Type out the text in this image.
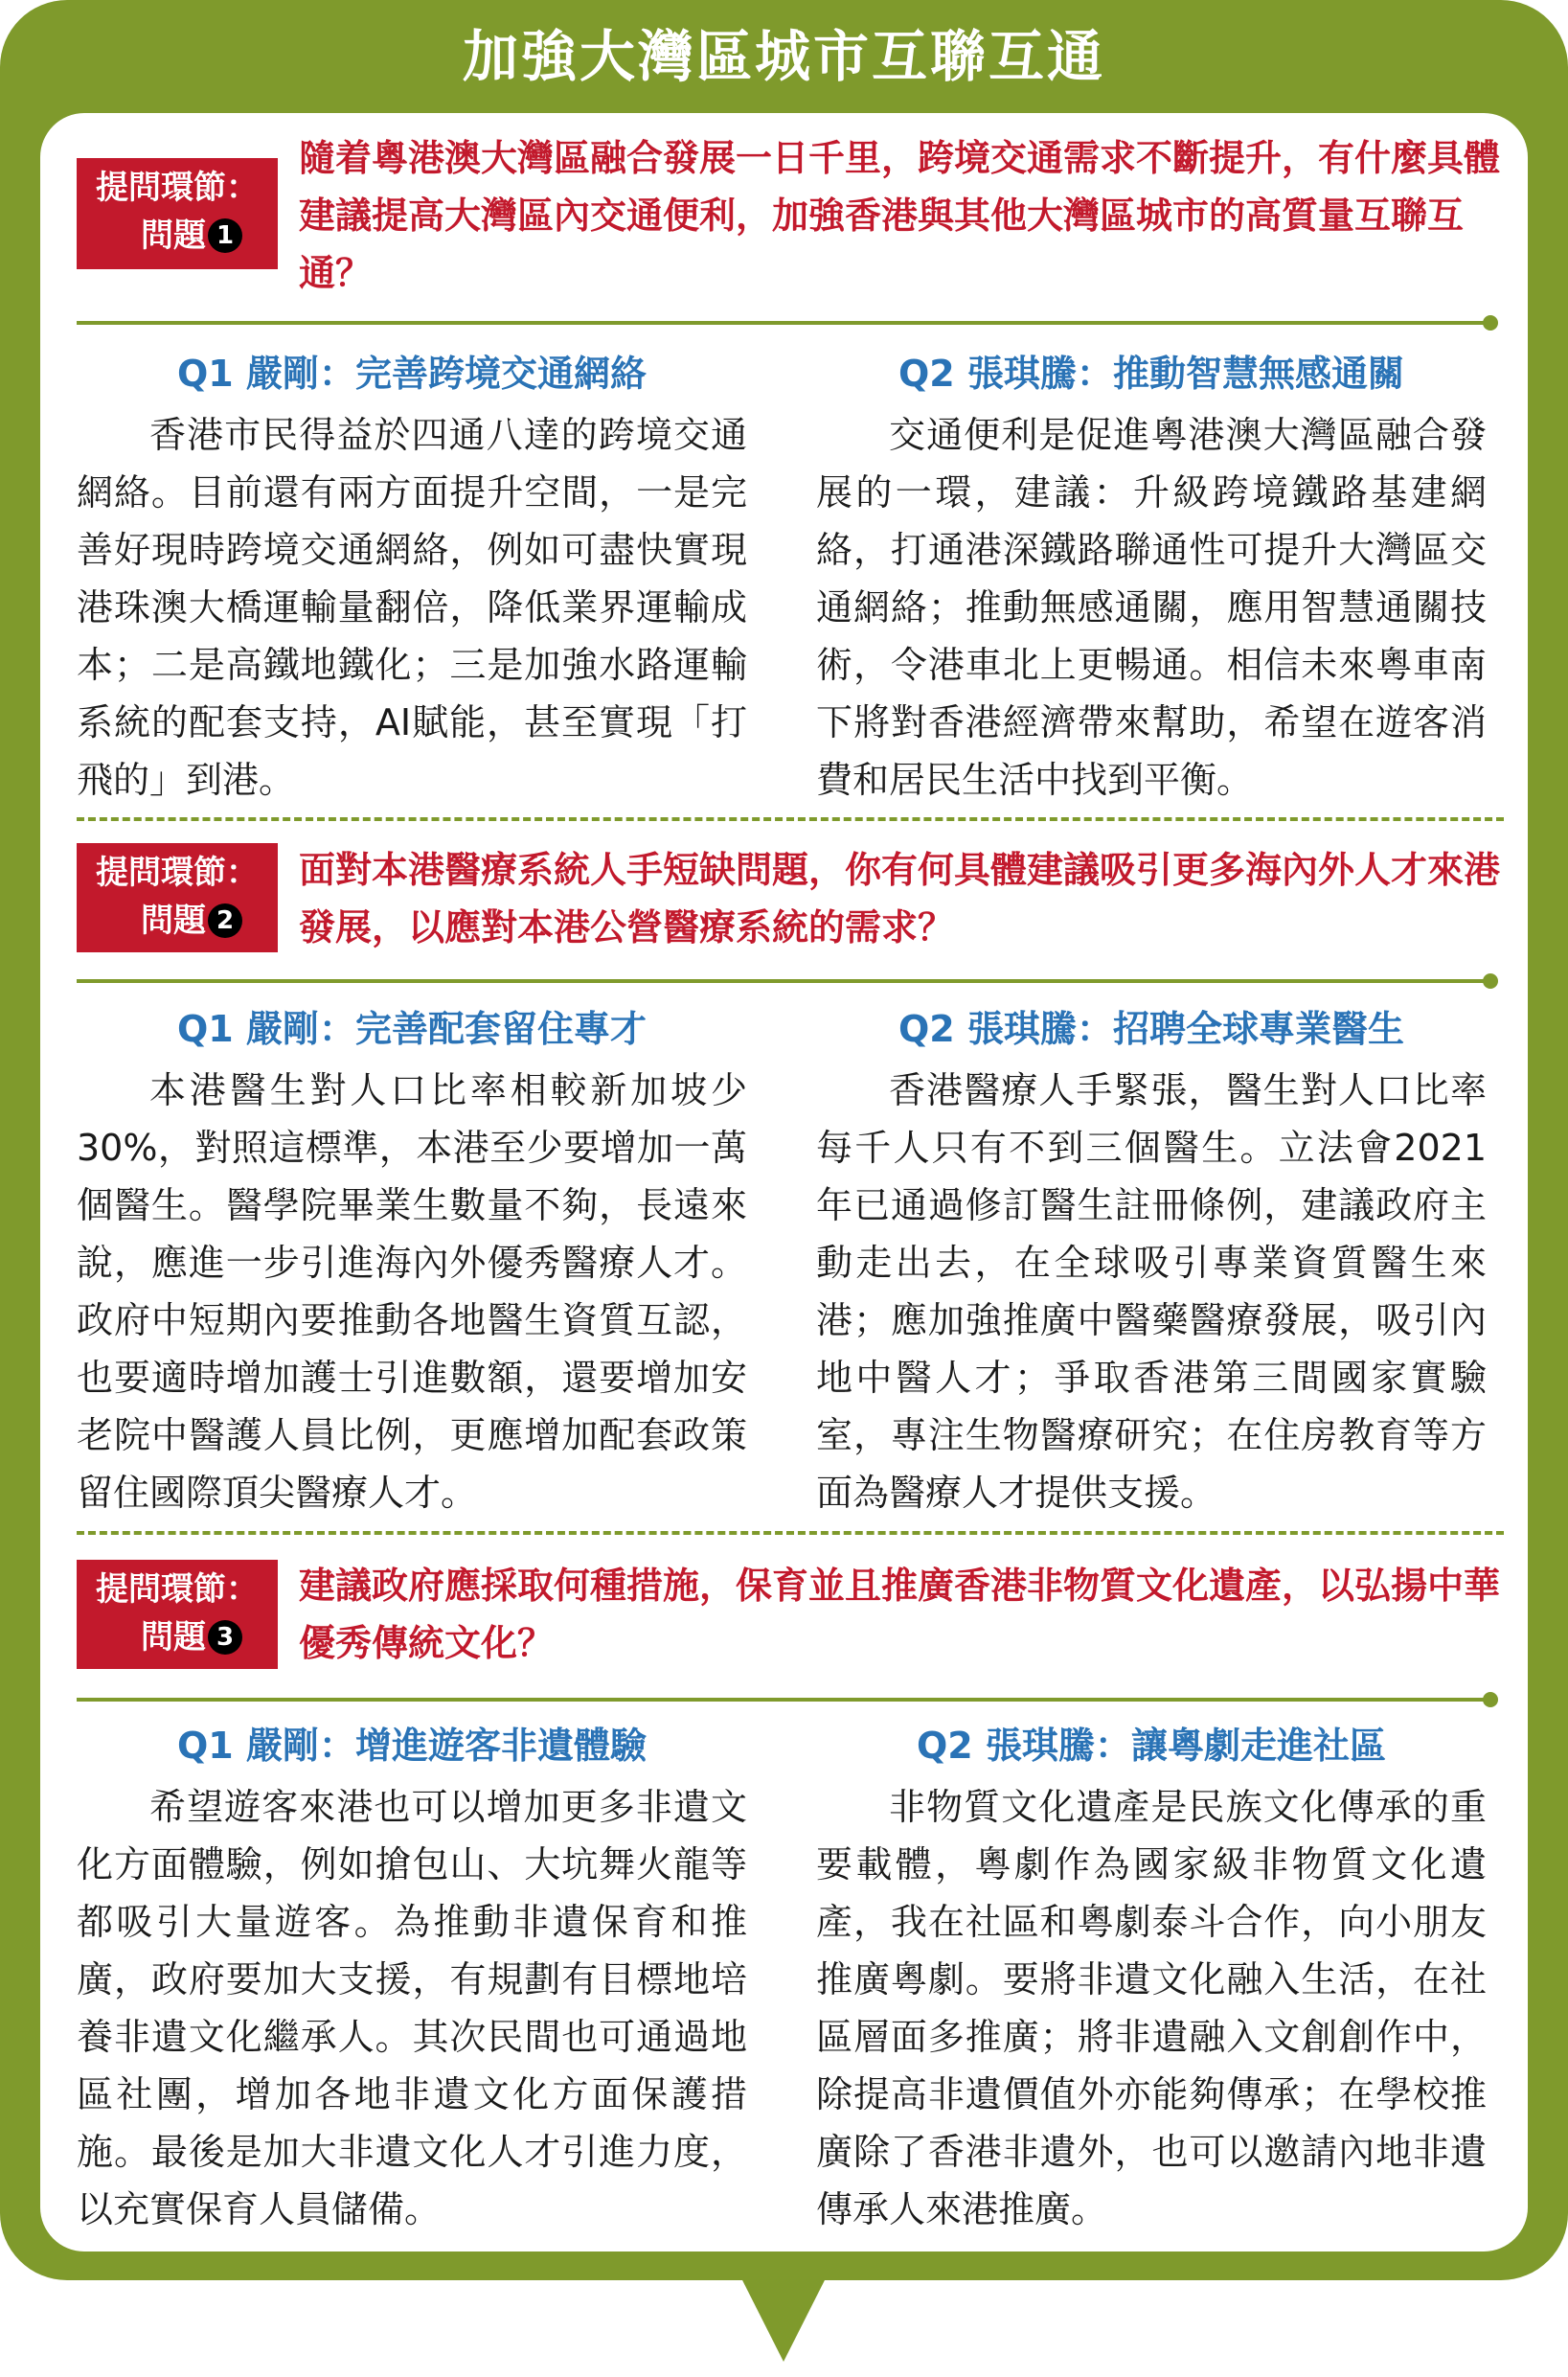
加強大灣區城市互聯互通
提問環節：
問題 1
隨着粵港澳大灣區融合發展一日千里，跨境交通需求不斷提升，有什麼具體建議提高大灣區內交通便利，加強香港與其他大灣區城市的高質量互聯互通？
Q1 嚴剛：完善跨境交通網絡
香港市民得益於四通八達的跨境交通網絡。目前還有兩方面提升空間，一是完善好現時跨境交通網絡，例如可盡快實現港珠澳大橋運輸量翻倍，降低業界運輸成本；二是高鐵地鐵化；三是加強水路運輸系統的配套支持，AI賦能，甚至實現「打飛的」到港。
Q2 張琪騰：推動智慧無感通關
交通便利是促進粵港澳大灣區融合發展的一環，建議：升級跨境鐵路基建網絡，打通港深鐵路聯通性可提升大灣區交通網絡；推動無感通關，應用智慧通關技術，令港車北上更暢通。相信未來粵車南下將對香港經濟帶來幫助，希望在遊客消費和居民生活中找到平衡。
提問環節：
問題 2
面對本港醫療系統人手短缺問題，你有何具體建議吸引更多海內外人才來港發展，以應對本港公營醫療系統的需求？
Q1 嚴剛：完善配套留住專才
本港醫生對人口比率相較新加坡少30%，對照這標準，本港至少要增加一萬個醫生。醫學院畢業生數量不夠，長遠來說，應進一步引進海內外優秀醫療人才。政府中短期內要推動各地醫生資質互認，也要適時增加護士引進數額，還要增加安老院中醫護人員比例，更應增加配套政策留住國際頂尖醫療人才。
Q2 張琪騰：招聘全球專業醫生
香港醫療人手緊張，醫生對人口比率每千人只有不到三個醫生。立法會2021年已通過修訂醫生註冊條例，建議政府主動走出去，在全球吸引專業資質醫生來港；應加強推廣中醫藥醫療發展，吸引內地中醫人才；爭取香港第三間國家實驗室，專注生物醫療研究；在住房教育等方面為醫療人才提供支援。
提問環節：
問題 3
建議政府應採取何種措施，保育並且推廣香港非物質文化遺產，以弘揚中華優秀傳統文化？
Q1 嚴剛：增進遊客非遺體驗
希望遊客來港也可以增加更多非遺文化方面體驗，例如搶包山、大坑舞火龍等都吸引大量遊客。為推動非遺保育和推廣，政府要加大支援，有規劃有目標地培養非遺文化繼承人。其次民間也可通過地區社團，增加各地非遺文化方面保護措施。最後是加大非遺文化人才引進力度，以充實保育人員儲備。
Q2 張琪騰：讓粵劇走進社區
非物質文化遺產是民族文化傳承的重要載體，粵劇作為國家級非物質文化遺產，我在社區和粵劇泰斗合作，向小朋友推廣粵劇。要將非遺文化融入生活，在社區層面多推廣；將非遺融入文創創作中，除提高非遺價值外亦能夠傳承；在學校推廣除了香港非遺外，也可以邀請內地非遺傳承人來港推廣。
